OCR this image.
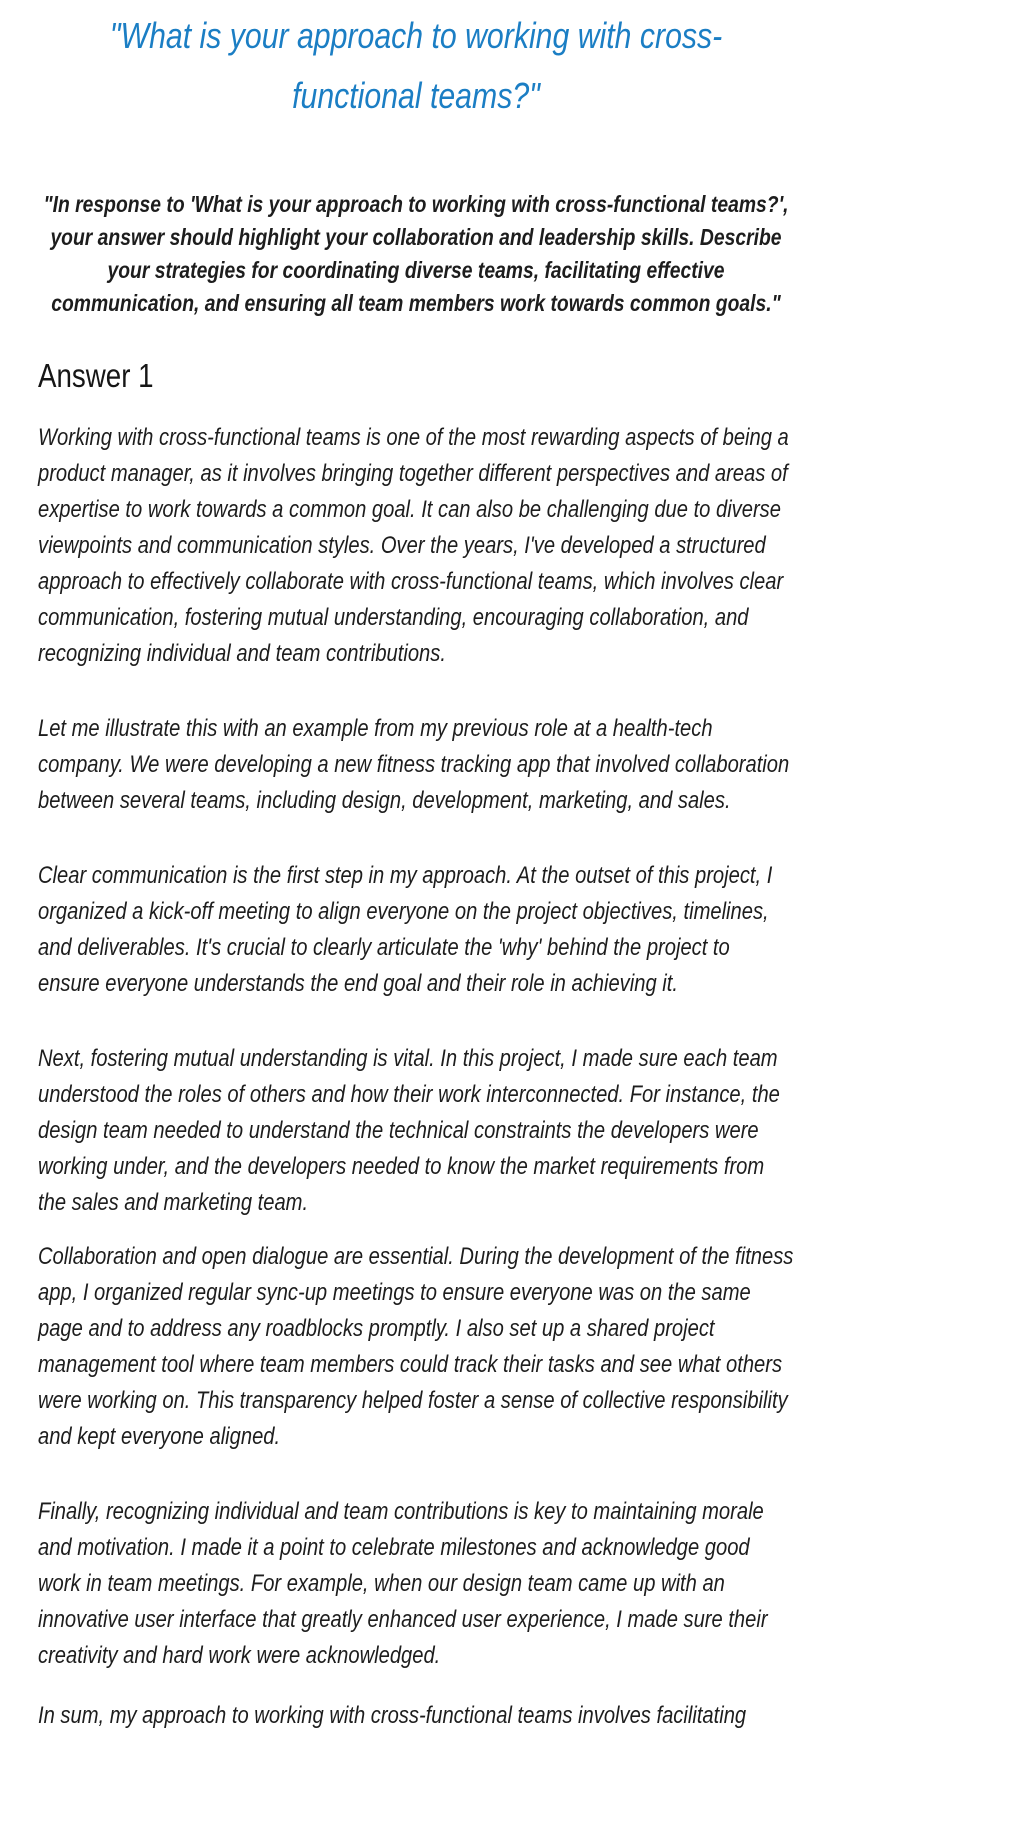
"What is your approach to working with cross-functional teams?"
"In response to 'What is your approach to working with cross-functional teams?', your answer should highlight your collaboration and leadership skills. Describe your strategies for coordinating diverse teams, facilitating effective communication, and ensuring all team members work towards common goals."
Answer 1

Working with cross-functional teams is one of the most rewarding aspects of being a product manager, as it involves bringing together different perspectives and areas of expertise to work towards a common goal. It can also be challenging due to diverse viewpoints and communication styles. Over the years, I've developed a structured approach to effectively collaborate with cross-functional teams, which involves clear communication, fostering mutual understanding, encouraging collaboration, and recognizing individual and team contributions.

Let me illustrate this with an example from my previous role at a health-tech company. We were developing a new fitness tracking app that involved collaboration between several teams, including design, development, marketing, and sales.

Clear communication is the first step in my approach. At the outset of this project, I organized a kick-off meeting to align everyone on the project objectives, timelines, and deliverables. It's crucial to clearly articulate the 'why' behind the project to ensure everyone understands the end goal and their role in achieving it.

Next, fostering mutual understanding is vital. In this project, I made sure each team understood the roles of others and how their work interconnected. For instance, the design team needed to understand the technical constraints the developers were working under, and the developers needed to know the market requirements from the sales and marketing team.

Collaboration and open dialogue are essential. During the development of the fitness app, I organized regular sync-up meetings to ensure everyone was on the same page and to address any roadblocks promptly. I also set up a shared project management tool where team members could track their tasks and see what others were working on. This transparency helped foster a sense of collective responsibility and kept everyone aligned.

Finally, recognizing individual and team contributions is key to maintaining morale and motivation. I made it a point to celebrate milestones and acknowledge good work in team meetings. For example, when our design team came up with an innovative user interface that greatly enhanced user experience, I made sure their creativity and hard work were acknowledged.

In sum, my approach to working with cross-functional teams involves facilitating
